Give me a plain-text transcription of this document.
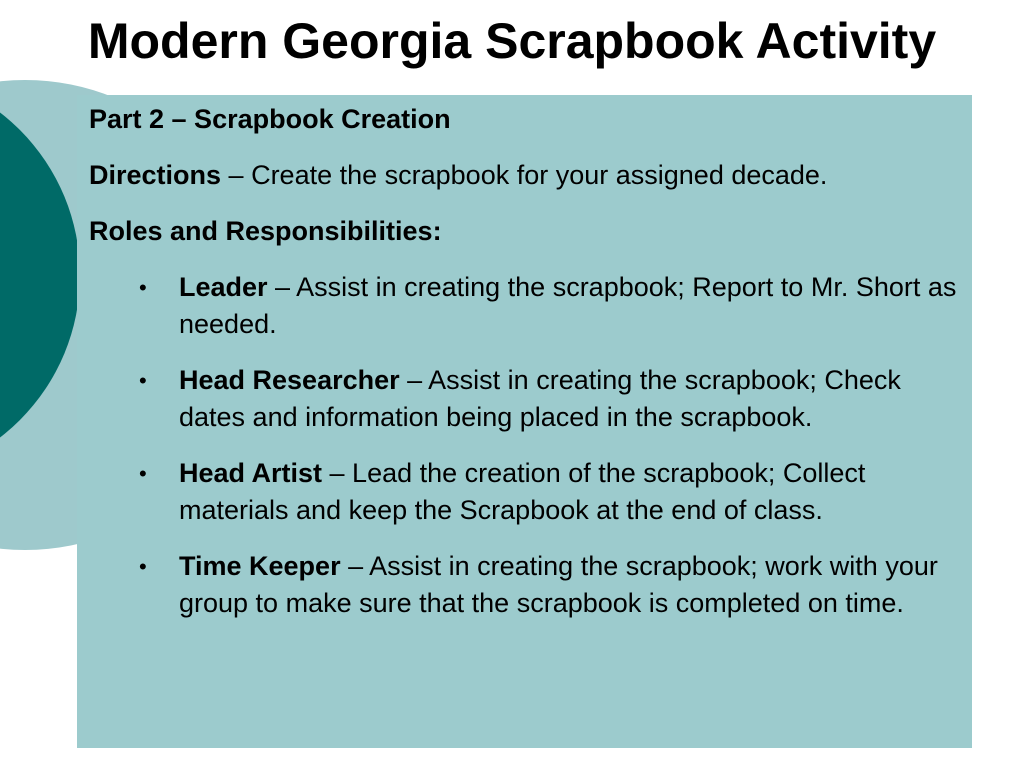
Modern Georgia Scrapbook Activity

Part 2 – Scrapbook Creation

Directions – Create the scrapbook for your assigned decade.

Roles and Responsibilities:

• Leader – Assist in creating the scrapbook; Report to Mr. Short as needed.
• Head Researcher – Assist in creating the scrapbook; Check dates and information being placed in the scrapbook.
• Head Artist – Lead the creation of the scrapbook; Collect materials and keep the Scrapbook at the end of class.
• Time Keeper – Assist in creating the scrapbook; work with your group to make sure that the scrapbook is completed on time.
